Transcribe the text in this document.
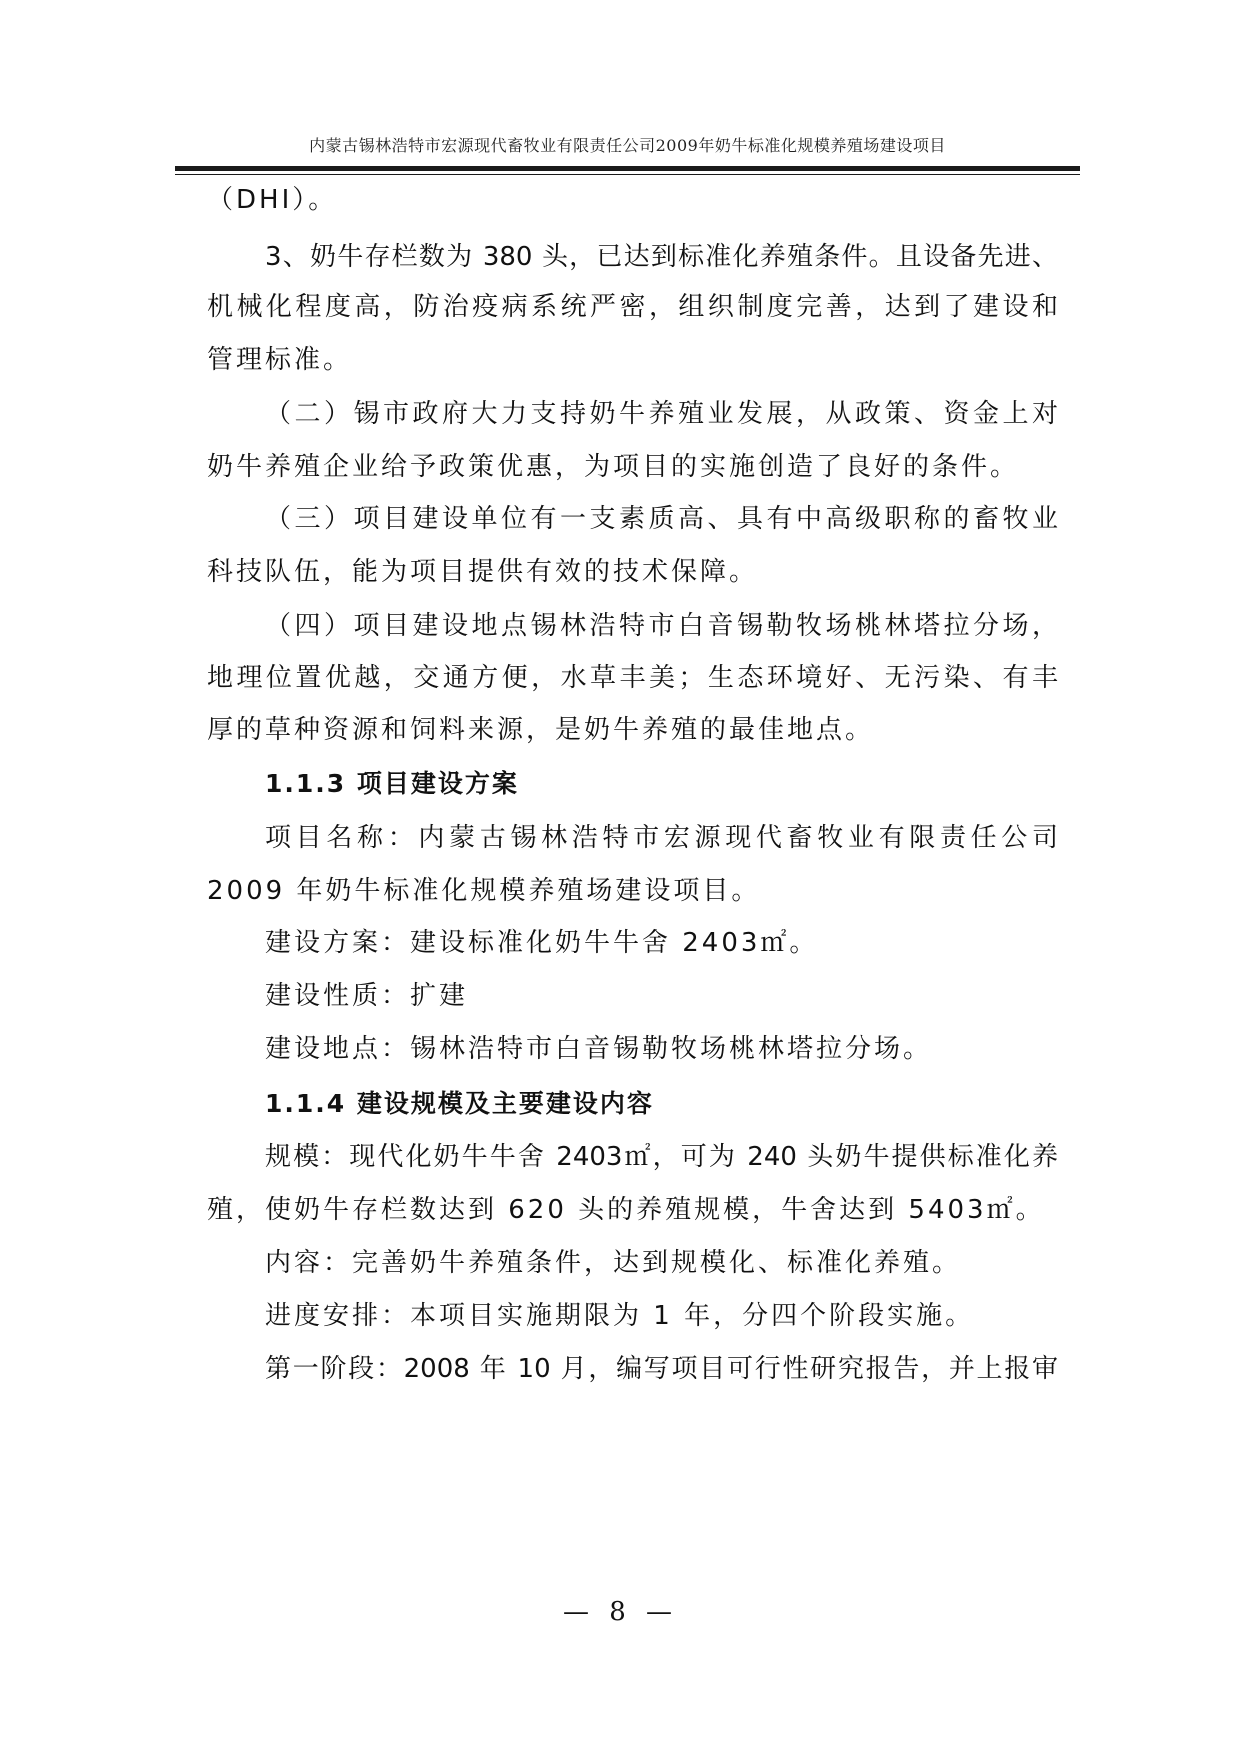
内蒙古锡林浩特市宏源现代畜牧业有限责任公司2009年奶牛标准化规模养殖场建设项目
（DHI）。
3、奶牛存栏数为 380 头，已达到标准化养殖条件。且设备先进、
机械化程度高，防治疫病系统严密，组织制度完善，达到了建设和
管理标准。
（二）锡市政府大力支持奶牛养殖业发展，从政策、资金上对
奶牛养殖企业给予政策优惠，为项目的实施创造了良好的条件。
（三）项目建设单位有一支素质高、具有中高级职称的畜牧业
科技队伍，能为项目提供有效的技术保障。
（四）项目建设地点锡林浩特市白音锡勒牧场桃林塔拉分场，
地理位置优越，交通方便，水草丰美；生态环境好、无污染、有丰
厚的草种资源和饲料来源，是奶牛养殖的最佳地点。
1.1.3 项目建设方案
项目名称：内蒙古锡林浩特市宏源现代畜牧业有限责任公司
2009 年奶牛标准化规模养殖场建设项目。
建设方案：建设标准化奶牛牛舍 2403㎡。
建设性质：扩建
建设地点：锡林浩特市白音锡勒牧场桃林塔拉分场。
1.1.4 建设规模及主要建设内容
规模：现代化奶牛牛舍 2403㎡，可为 240 头奶牛提供标准化养
殖，使奶牛存栏数达到 620 头的养殖规模，牛舍达到 5403㎡。
内容：完善奶牛养殖条件，达到规模化、标准化养殖。
进度安排：本项目实施期限为 1 年，分四个阶段实施。
第一阶段：2008 年 10 月，编写项目可行性研究报告，并上报审
— 8 —
